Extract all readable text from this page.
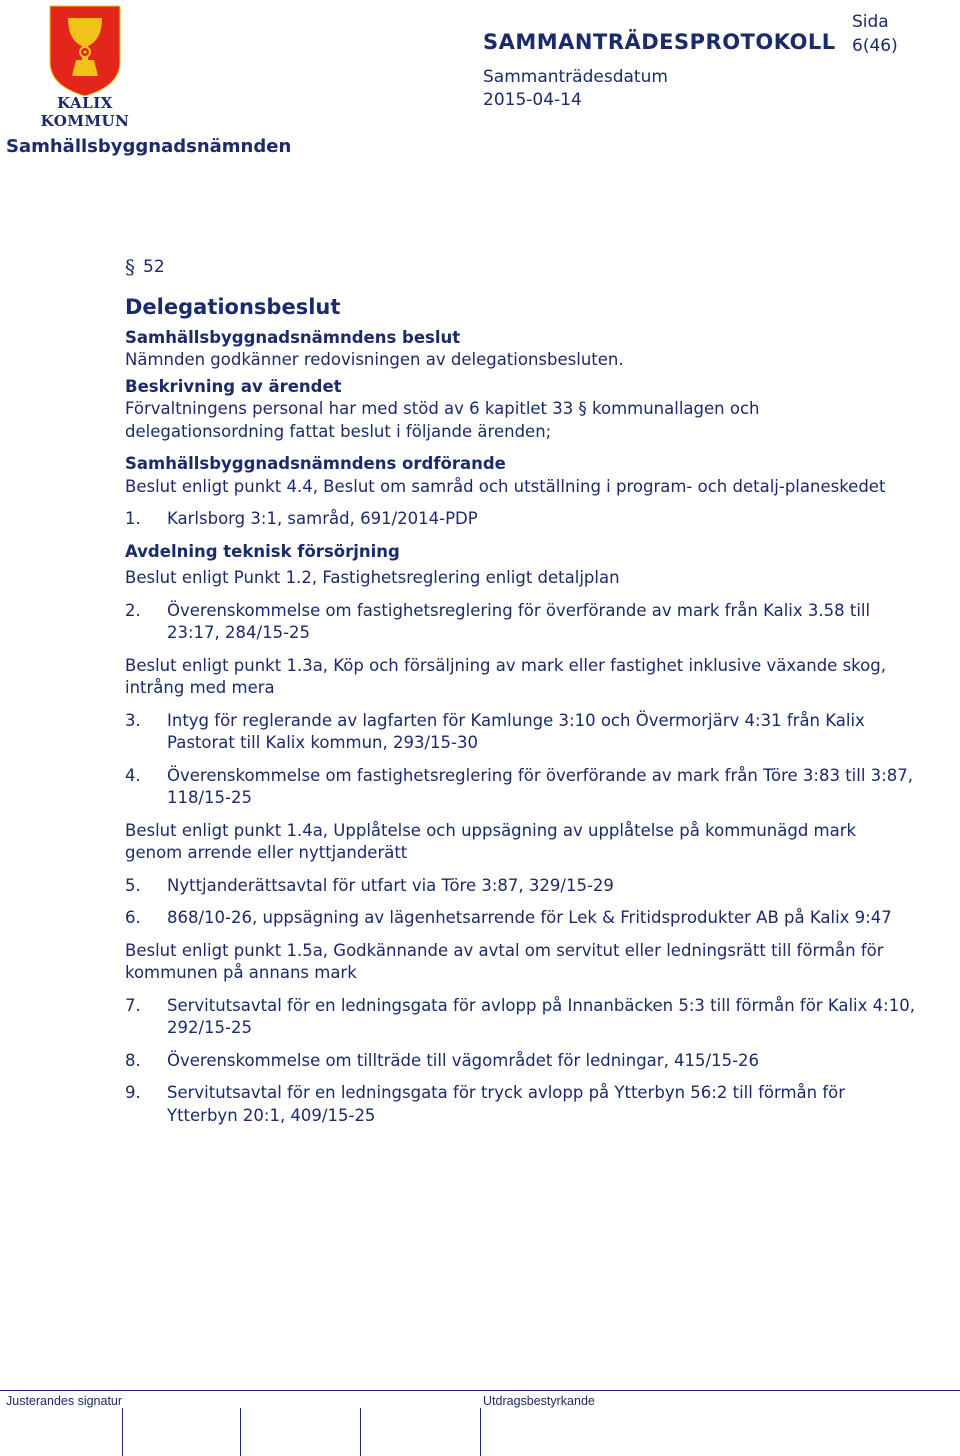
KALIX KOMMUN
SAMMANTRÄDESPROTOKOLL
Sida
6(46)
Sammanträdesdatum
2015-04-14
Samhällsbyggnadsnämnden
§ 52
Delegationsbeslut
Samhällsbyggnadsnämndens beslut

Nämnden godkänner redovisningen av delegationsbesluten.

Beskrivning av ärendet

Förvaltningens personal har med stöd av 6 kapitlet 33 § kommunallagen och delegationsordning fattat beslut i följande ärenden;

Samhällsbyggnadsnämndens ordförande

Beslut enligt punkt 4.4, Beslut om samråd och utställning i program- och detalj-planeskedet

1.	Karlsborg 3:1, samråd, 691/2014-PDP
Avdelning teknisk försörjning

Beslut enligt Punkt 1.2, Fastighetsreglering enligt detaljplan

2.	Överenskommelse om fastighetsreglering för överförande av mark från Kalix 3.58 till 23:17, 284/15-25

Beslut enligt punkt 1.3a, Köp och försäljning av mark eller fastighet inklusive växande skog, intrång med mera

3.	Intyg för reglerande av lagfarten för Kamlunge 3:10 och Övermorjärv 4:31 från Kalix Pastorat till Kalix kommun, 293/15-30
4.	Överenskommelse om fastighetsreglering för överförande av mark från Töre 3:83 till 3:87, 118/15-25

Beslut enligt punkt 1.4a, Upplåtelse och uppsägning av upplåtelse på kommunägd mark genom arrende eller nyttjanderätt

5.	Nyttjanderättsavtal för utfart via Töre 3:87, 329/15-29
6.	868/10-26, uppsägning av lägenhetsarrende för Lek & Fritidsprodukter AB på Kalix 9:47

Beslut enligt punkt 1.5a, Godkännande av avtal om servitut eller ledningsrätt till förmån för kommunen på annans mark

7.	Servitutsavtal för en ledningsgata för avlopp på Innanbäcken 5:3 till förmån för Kalix 4:10, 292/15-25
8.	Överenskommelse om tillträde till vägområdet för ledningar, 415/15-26
9.	Servitutsavtal för en ledningsgata för tryck avlopp på Ytterbyn 56:2 till förmån för Ytterbyn 20:1, 409/15-25
Justerandes signatur	Utdragsbestyrkande
